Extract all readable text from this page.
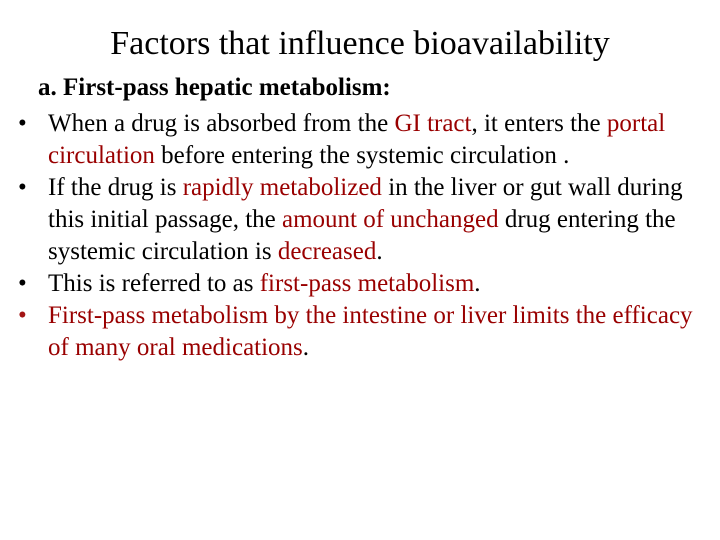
Factors that influence bioavailability
a. First-pass hepatic metabolism:
• When a drug is absorbed from the GI tract, it enters the portal circulation before entering the systemic circulation .
• If the drug is rapidly metabolized in the liver or gut wall during this initial passage, the amount of unchanged drug entering the systemic circulation is decreased.
• This is referred to as first-pass metabolism.
• First-pass metabolism by the intestine or liver limits the efficacy of many oral medications.
